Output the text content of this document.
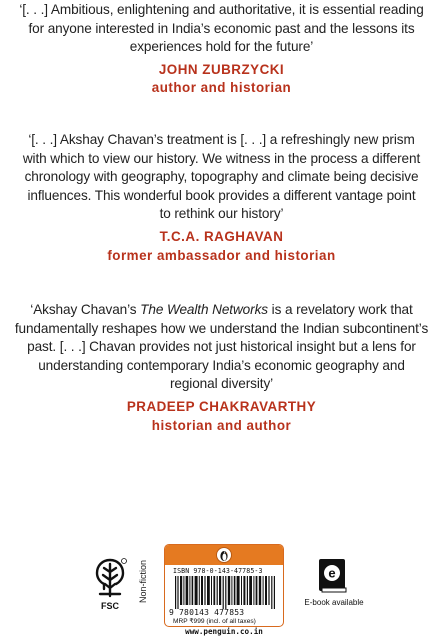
‘[. . .] Ambitious, enlightening and authoritative, it is essential reading
for anyone interested in India’s economic past and the lessons its
experiences hold for the future’
JOHN ZUBRZYCKI
author and historian
‘[. . .] Akshay Chavan’s treatment is [. . .] a refreshingly new prism
with which to view our history. We witness in the process a different
chronology with geography, topography and climate being decisive
influences. This wonderful book provides a different vantage point
to rethink our history’
T.C.A. RAGHAVAN
former ambassador and historian
‘Akshay Chavan’s The Wealth Networks is a revelatory work that
fundamentally reshapes how we understand the Indian subcontinent’s
past. [. . .] Chavan provides not just historical insight but a lens for
understanding contemporary India’s economic geography and
regional diversity’
PRADEEP CHAKRAVARTHY
historian and author
FSC
Non-fiction	ISBN 978-0-143-47785-3
9 780143 477853
MRP ₹999 (incl. of all taxes)
www.penguin.co.in
e
E-book available
